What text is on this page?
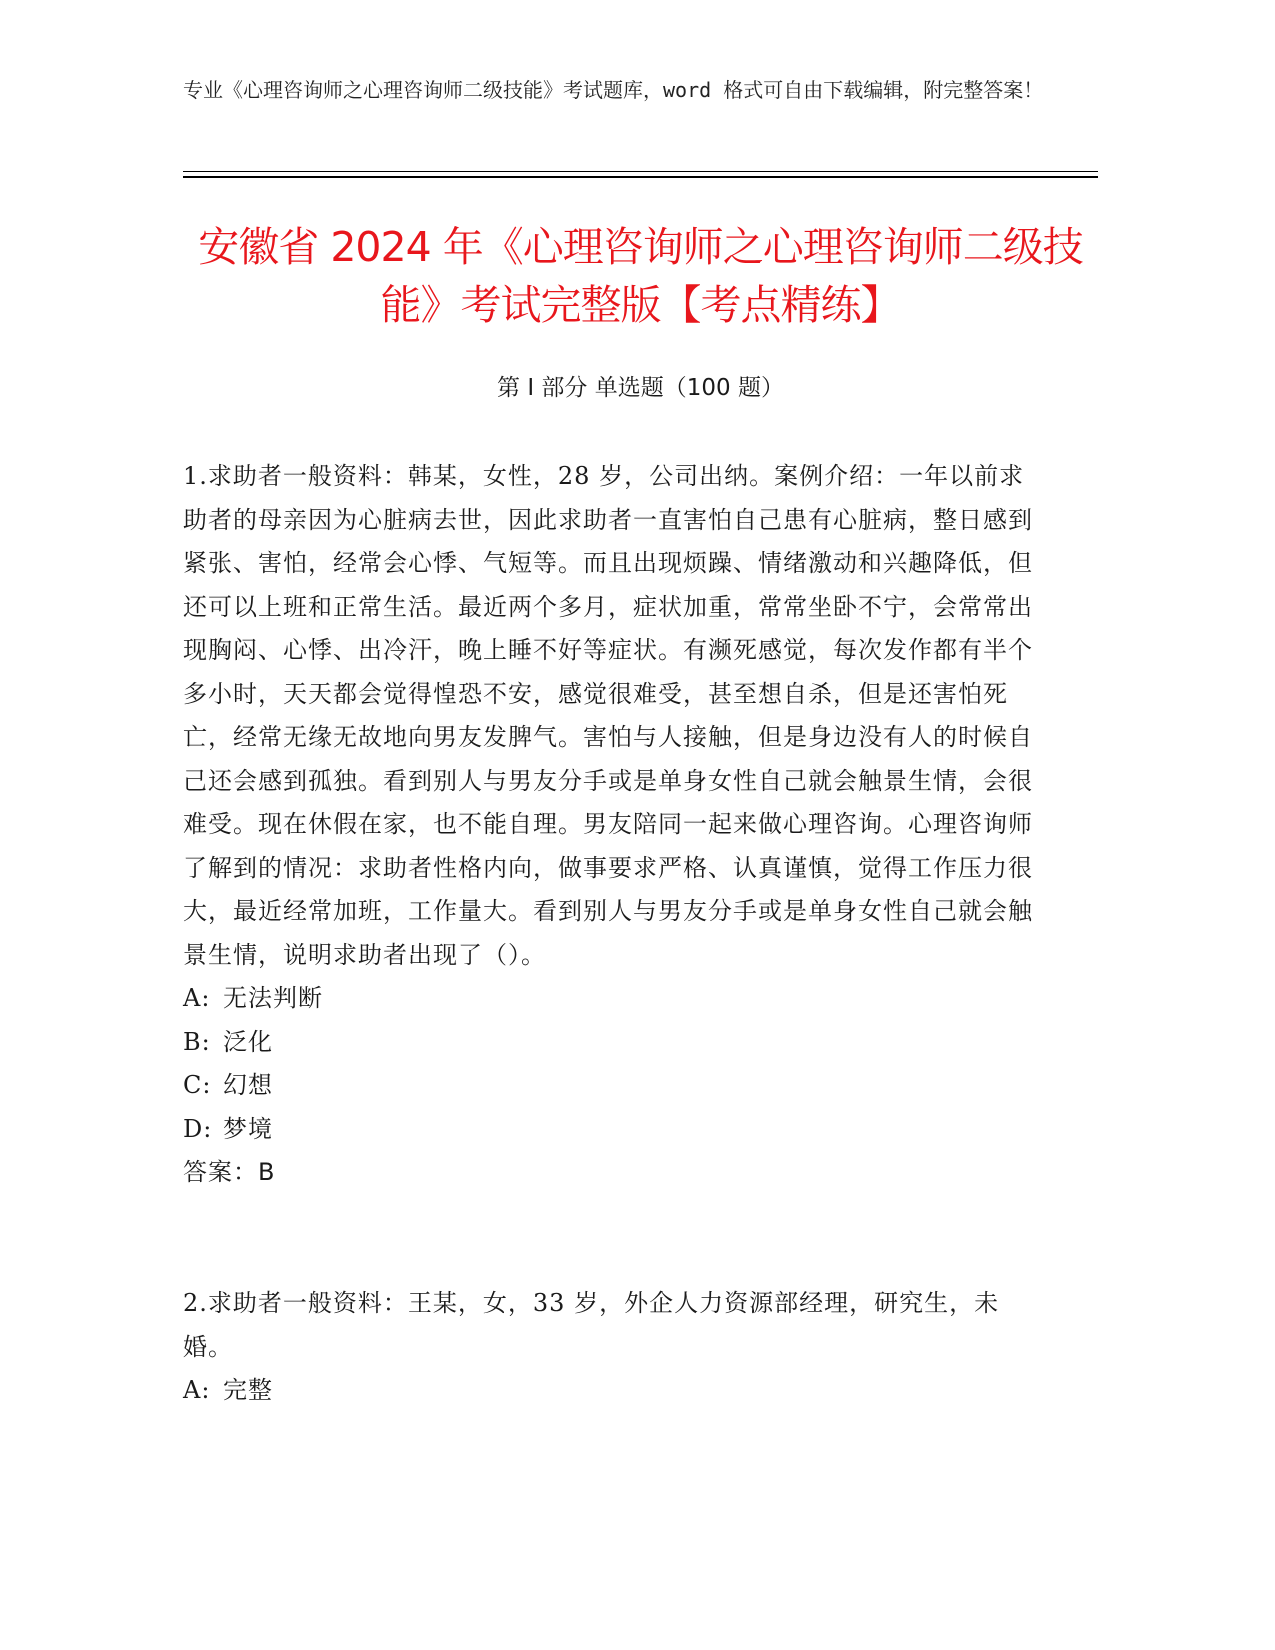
专业《心理咨询师之心理咨询师二级技能》考试题库，word 格式可自由下载编辑，附完整答案！
安徽省 2024 年《心理咨询师之心理咨询师二级技能》考试完整版【考点精练】
第 I 部分 单选题（100 题）

1.求助者一般资料：韩某，女性，28 岁，公司出纳。案例介绍：一年以前求助者的母亲因为心脏病去世，因此求助者一直害怕自己患有心脏病，整日感到紧张、害怕，经常会心悸、气短等。而且出现烦躁、情绪激动和兴趣降低，但还可以上班和正常生活。最近两个多月，症状加重，常常坐卧不宁，会常常出现胸闷、心悸、出冷汗，晚上睡不好等症状。有濒死感觉，每次发作都有半个多小时，天天都会觉得惶恐不安，感觉很难受，甚至想自杀，但是还害怕死亡，经常无缘无故地向男友发脾气。害怕与人接触，但是身边没有人的时候自己还会感到孤独。看到别人与男友分手或是单身女性自己就会触景生情，会很难受。现在休假在家，也不能自理。男友陪同一起来做心理咨询。心理咨询师了解到的情况：求助者性格内向，做事要求严格、认真谨慎，觉得工作压力很大，最近经常加班，工作量大。看到别人与男友分手或是单身女性自己就会触景生情，说明求助者出现了（）。

A: 无法判断
B: 泛化
C: 幻想
D: 梦境

答案：B

2.求助者一般资料：王某，女，33 岁，外企人力资源部经理，研究生，未婚。

A: 完整
